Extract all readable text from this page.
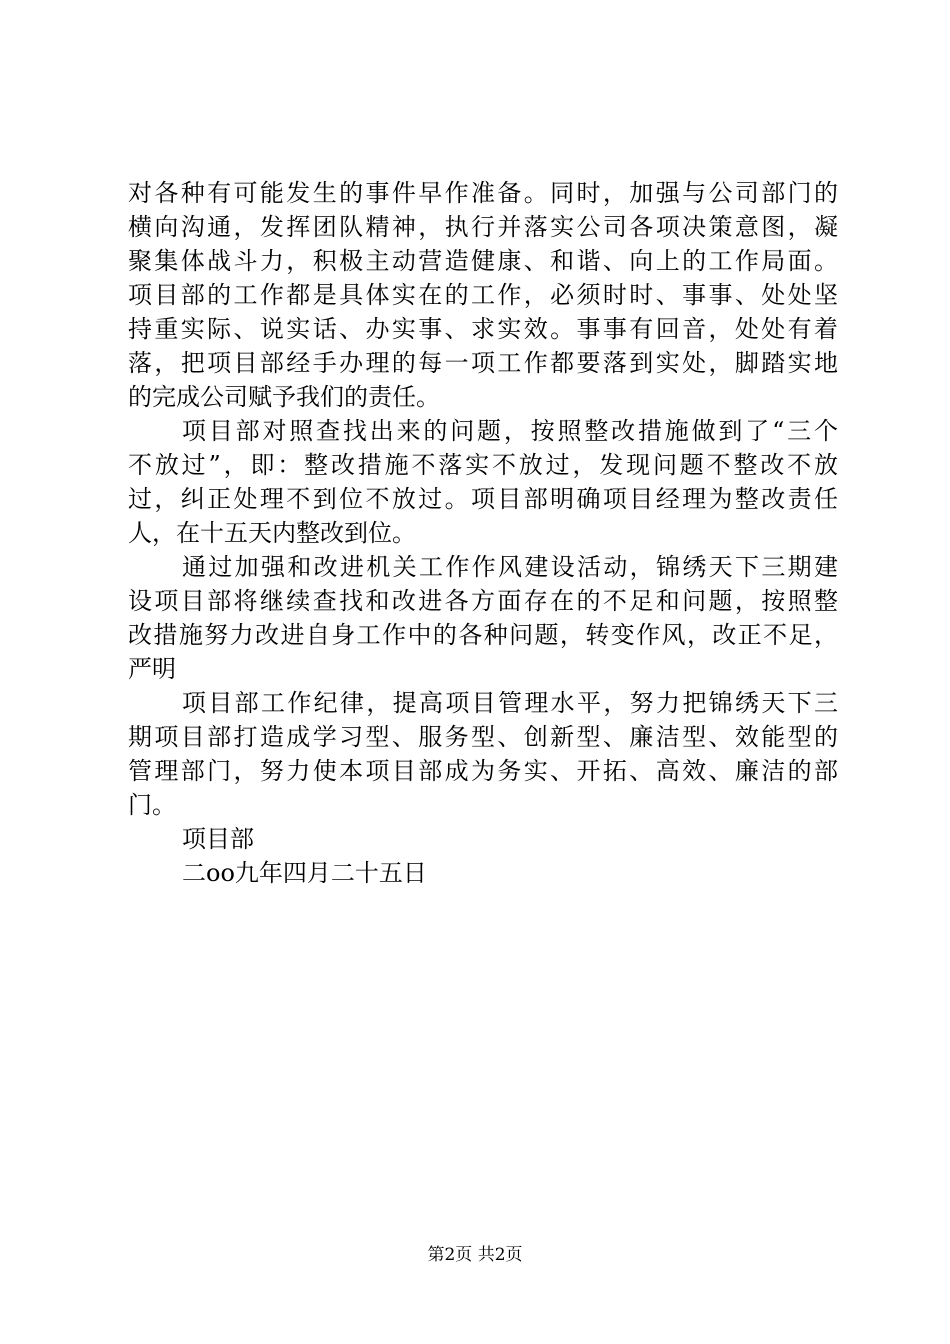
对各种有可能发生的事件早作准备。同时，加强与公司部门的
横向沟通，发挥团队精神，执行并落实公司各项决策意图，凝
聚集体战斗力，积极主动营造健康、和谐、向上的工作局面。
项目部的工作都是具体实在的工作，必须时时、事事、处处坚
持重实际、说实话、办实事、求实效。事事有回音，处处有着
落，把项目部经手办理的每一项工作都要落到实处，脚踏实地
的完成公司赋予我们的责任。
项目部对照查找出来的问题，按照整改措施做到了“三个
不放过”，即：整改措施不落实不放过，发现问题不整改不放
过，纠正处理不到位不放过。项目部明确项目经理为整改责任
人，在十五天内整改到位。
通过加强和改进机关工作作风建设活动，锦绣天下三期建
设项目部将继续查找和改进各方面存在的不足和问题，按照整
改措施努力改进自身工作中的各种问题，转变作风，改正不足，
严明
项目部工作纪律，提高项目管理水平，努力把锦绣天下三
期项目部打造成学习型、服务型、创新型、廉洁型、效能型的
管理部门，努力使本项目部成为务实、开拓、高效、廉洁的部
门。
项目部
二oo九年四月二十五日
第2页 共2页
